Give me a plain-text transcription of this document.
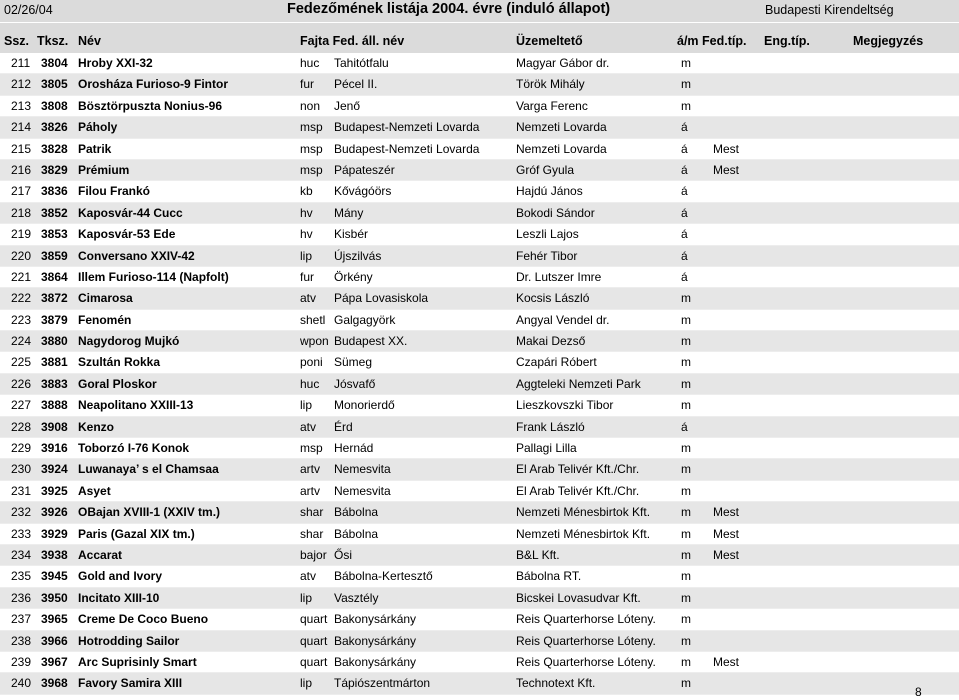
02/26/04	Fedezőmének listája 2004. évre (induló állapot)	Budapesti Kirendeltség
Ssz. Tksz. Név	Fajta Fed. áll. név	Üzemeltető	á/m Fed.típ. Eng.típ.	Megjegyzés
211 3804 Hroby XXI-32	huc Tahitótfalu	Magyar Gábor dr.	m
212 3805 Orosháza Furioso-9 Fintor	fur Pécel II.	Török Mihály	m
213 3808 Bösztörpuszta Nonius-96	non Jenő	Varga Ferenc	m
214 3826 Páholy	msp Budapest-Nemzeti Lovarda	Nemzeti Lovarda	á
215 3828 Patrik	msp Budapest-Nemzeti Lovarda	Nemzeti Lovarda	á Mest
216 3829 Prémium	msp Pápateszér	Gróf Gyula	á Mest
217 3836 Filou Frankó	kb Kővágóörs	Hajdú János	á
218 3852 Kaposvár-44 Cucc	hv Mány	Bokodi Sándor	á
219 3853 Kaposvár-53 Ede	hv Kisbér	Leszli Lajos	á
220 3859 Conversano XXIV-42	lip Újszilvás	Fehér Tibor	á
221 3864 Illem Furioso-114 (Napfolt)	fur Örkény	Dr. Lutszer Imre	á
222 3872 Cimarosa	atv Pápa Lovasiskola	Kocsis László	m
223 3879 Fenomén	shetl Galgagyörk	Angyal Vendel dr.	m
224 3880 Nagydorog Mujkó	wpon Budapest XX.	Makai Dezső	m
225 3881 Szultán Rokka	poni Sümeg	Czapári Róbert	m
226 3883 Goral Ploskor	huc Jósvafő	Aggteleki Nemzeti Park	m
227 3888 Neapolitano XXIII-13	lip Monorierdő	Lieszkovszki Tibor	m
228 3908 Kenzo	atv Érd	Frank László	á
229 3916 Toborzó I-76 Konok	msp Hernád	Pallagi Lilla	m
230 3924 Luwanaya’ s el Chamsaa	artv Nemesvita	El Arab Telivér Kft./Chr.	m
231 3925 Asyet	artv Nemesvita	El Arab Telivér Kft./Chr.	m
232 3926 OBajan XVIII-1 (XXIV tm.)	shar Bábolna	Nemzeti Ménesbirtok Kft.	m Mest
233 3929 Paris (Gazal XIX tm.)	shar Bábolna	Nemzeti Ménesbirtok Kft.	m Mest
234 3938 Accarat	bajor Ősi	B&L Kft.	m Mest
235 3945 Gold and Ivory	atv Bábolna-Kertesztő	Bábolna RT.	m
236 3950 Incitato XIII-10	lip Vasztély	Bicskei Lovasudvar Kft.	m
237 3965 Creme De Coco Bueno	quart Bakonysárkány	Reis Quarterhorse Lóteny. m
238 3966 Hotrodding Sailor	quart Bakonysárkány	Reis Quarterhorse Lóteny. m
239 3967 Arc Suprisinly Smart	quart Bakonysárkány	Reis Quarterhorse Lóteny. m Mest
240 3968 Favory Samira XIII	lip Tápiószentmárton	Technotext Kft.	m
8
